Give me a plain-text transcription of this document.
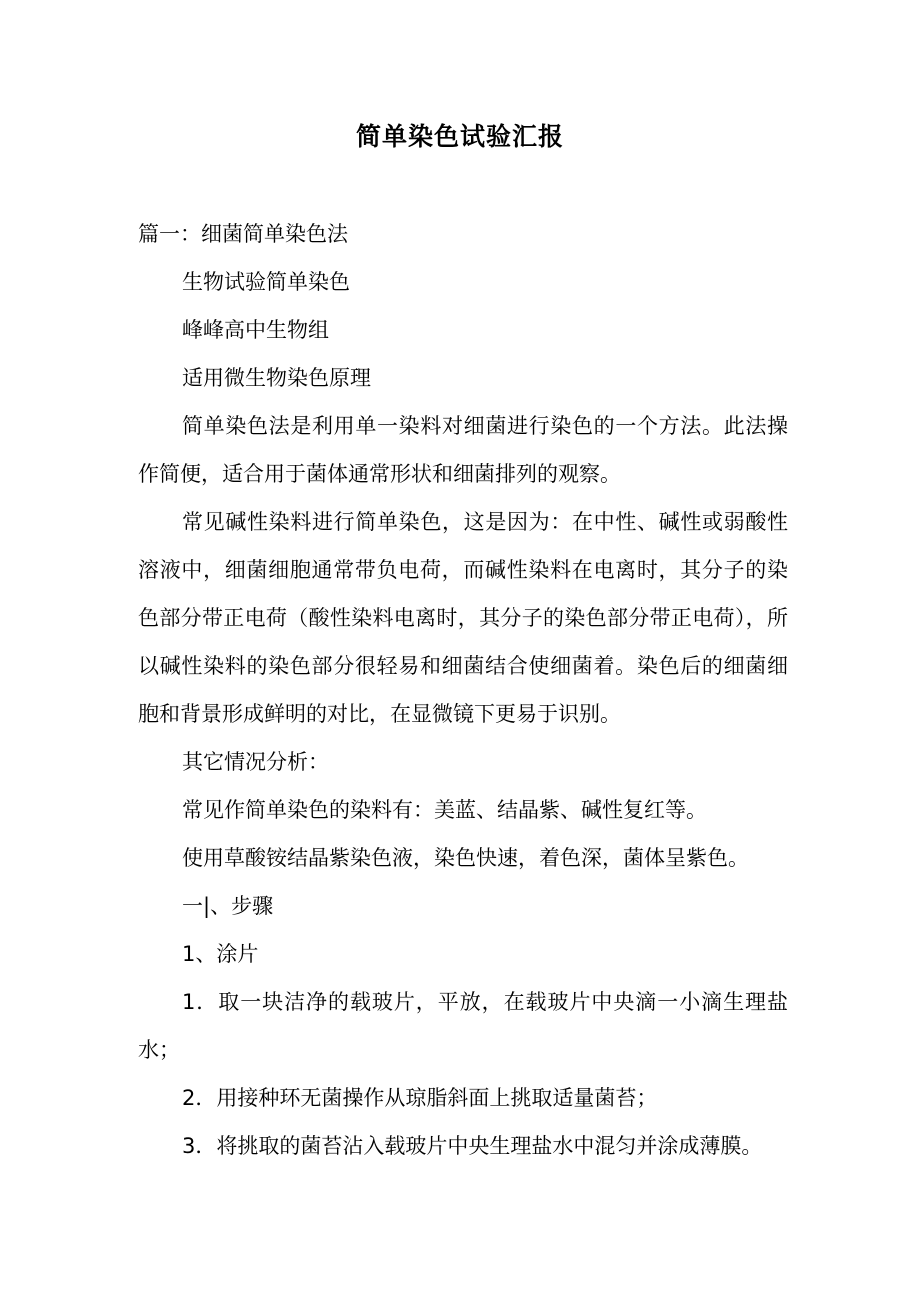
简单染色试验汇报

篇一：细菌简单染色法

生物试验简单染色

峰峰高中生物组

适用微生物染色原理

简单染色法是利用单一染料对细菌进行染色的一个方法。此法操作简便，适合用于菌体通常形状和细菌排列的观察。

常见碱性染料进行简单染色，这是因为：在中性、碱性或弱酸性溶液中，细菌细胞通常带负电荷，而碱性染料在电离时，其分子的染色部分带正电荷（酸性染料电离时，其分子的染色部分带正电荷），所以碱性染料的染色部分很轻易和细菌结合使细菌着。染色后的细菌细胞和背景形成鲜明的对比，在显微镜下更易于识别。

其它情况分析：

常见作简单染色的染料有：美蓝、结晶紫、碱性复红等。

使用草酸铵结晶紫染色液，染色快速，着色深，菌体呈紫色。

一|、步骤

1、涂片

1．取一块洁净的载玻片，平放，在载玻片中央滴一小滴生理盐水；

2．用接种环无菌操作从琼脂斜面上挑取适量菌苔；

3．将挑取的菌苔沾入载玻片中央生理盐水中混匀并涂成薄膜。
